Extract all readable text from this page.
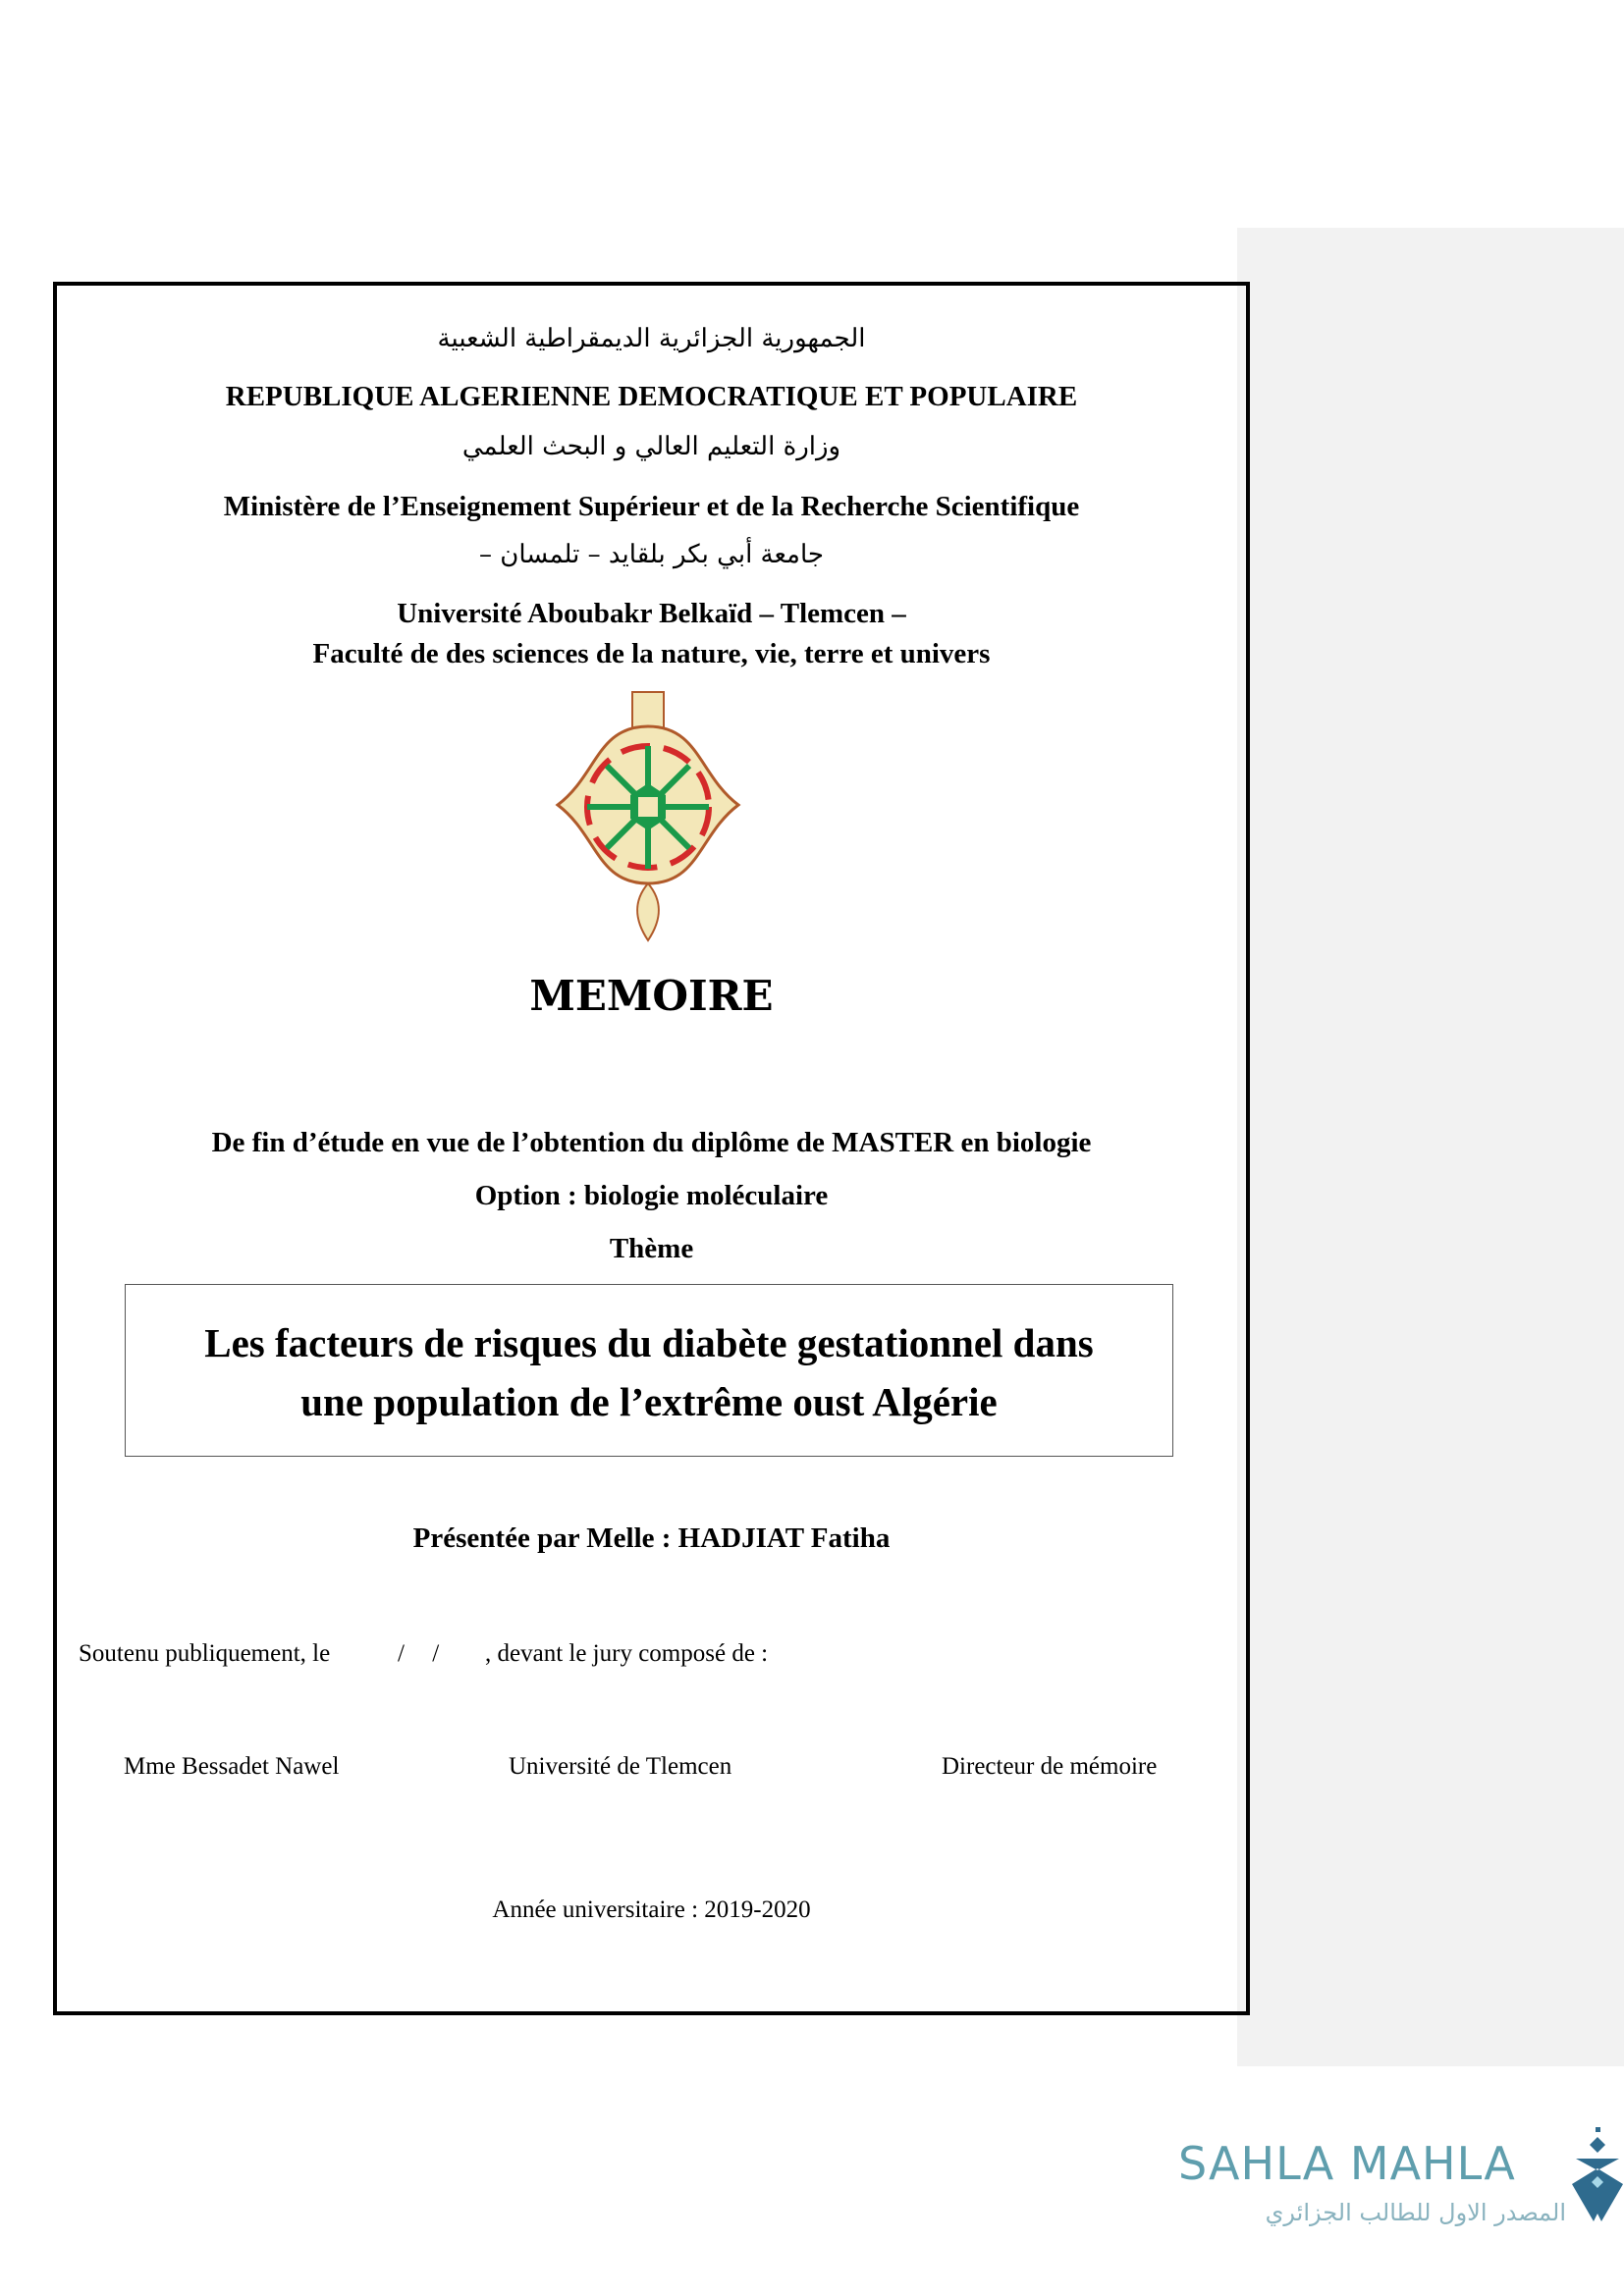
الجمهورية الجزائرية الديمقراطية الشعبية
REPUBLIQUE ALGERIENNE DEMOCRATIQUE ET POPULAIRE
وزارة التعليم العالي و البحث العلمي
Ministère de l’Enseignement Supérieur et de la Recherche Scientifique
جامعة أبي بكر بلقايد – تلمسان –
Université Aboubakr Belkaïd – Tlemcen –
Faculté de des sciences de la nature, vie, terre et univers
MEMOIRE
De fin d’étude en vue de l’obtention du diplôme de MASTER en biologie
Option : biologie moléculaire
Thème
Les facteurs de risques du diabète gestationnel dans
une population de l’extrême oust Algérie
Présentée par Melle : HADJIAT Fatiha
Soutenu publiquement, le	/ / , devant le jury composé de :
Mme Bessadet Nawel	Université de Tlemcen	Directeur de mémoire
Année universitaire : 2019-2020
SAHLA MAHLA
المصدر الاول للطالب الجزائري
